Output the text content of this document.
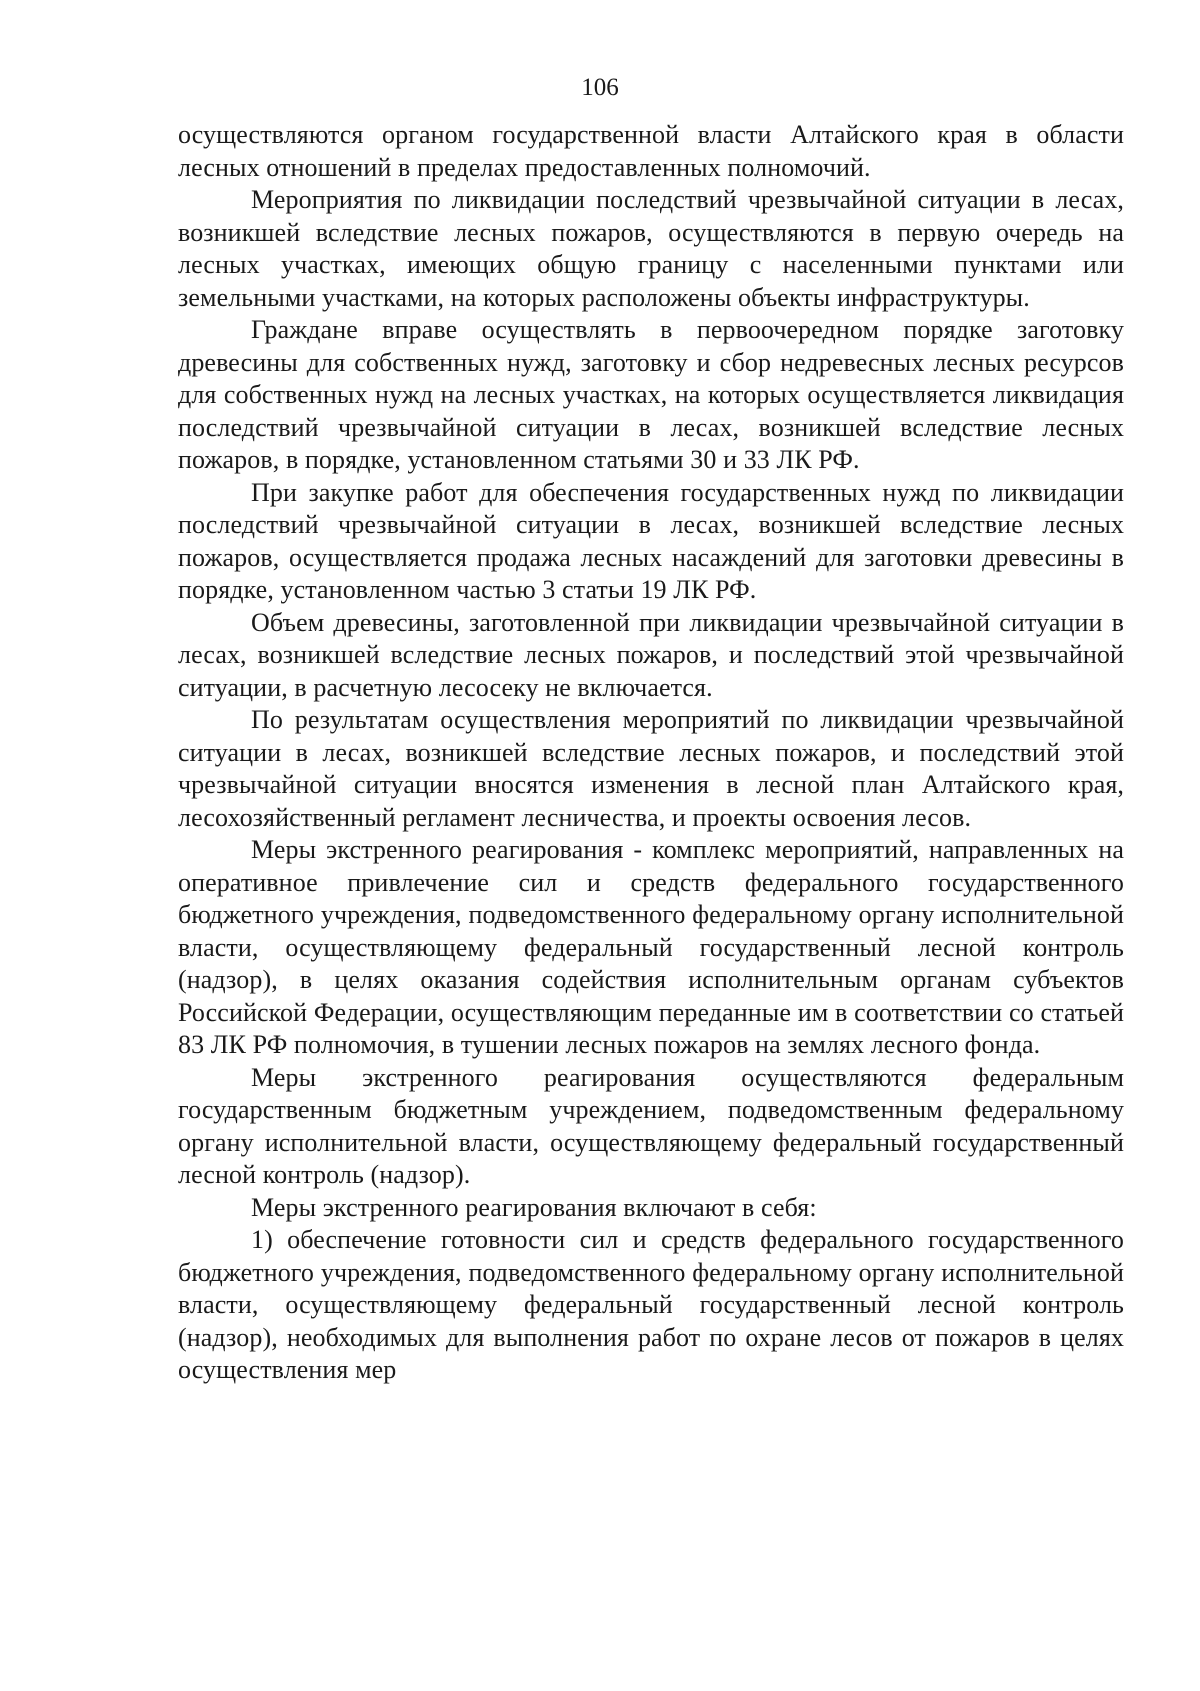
106

осуществляются органом государственной власти Алтайского края в области лесных отношений в пределах предоставленных полномочий.

Мероприятия по ликвидации последствий чрезвычайной ситуации в лесах, возникшей вследствие лесных пожаров, осуществляются в первую очередь на лесных участках, имеющих общую границу с населенными пунктами или земельными участками, на которых расположены объекты инфраструктуры.

Граждане вправе осуществлять в первоочередном порядке заготовку древесины для собственных нужд, заготовку и сбор недревесных лесных ресурсов для собственных нужд на лесных участках, на которых осуществляется ликвидация последствий чрезвычайной ситуации в лесах, возникшей вследствие лесных пожаров, в порядке, установленном статьями 30 и 33 ЛК РФ.

При закупке работ для обеспечения государственных нужд по ликвидации последствий чрезвычайной ситуации в лесах, возникшей вследствие лесных пожаров, осуществляется продажа лесных насаждений для заготовки древесины в порядке, установленном частью 3 статьи 19 ЛК РФ.

Объем древесины, заготовленной при ликвидации чрезвычайной ситуации в лесах, возникшей вследствие лесных пожаров, и последствий этой чрезвычайной ситуации, в расчетную лесосеку не включается.

По результатам осуществления мероприятий по ликвидации чрезвычайной ситуации в лесах, возникшей вследствие лесных пожаров, и последствий этой чрезвычайной ситуации вносятся изменения в лесной план Алтайского края, лесохозяйственный регламент лесничества, и проекты освоения лесов.

Меры экстренного реагирования - комплекс мероприятий, направленных на оперативное привлечение сил и средств федерального государственного бюджетного учреждения, подведомственного федеральному органу исполнительной власти, осуществляющему федеральный государственный лесной контроль (надзор), в целях оказания содействия исполнительным органам субъектов Российской Федерации, осуществляющим переданные им в соответствии со статьей 83 ЛК РФ полномочия, в тушении лесных пожаров на землях лесного фонда.

Меры экстренного реагирования осуществляются федеральным государственным бюджетным учреждением, подведомственным федеральному органу исполнительной власти, осуществляющему федеральный государственный лесной контроль (надзор).

Меры экстренного реагирования включают в себя:

1) обеспечение готовности сил и средств федерального государственного бюджетного учреждения, подведомственного федеральному органу исполнительной власти, осуществляющему федеральный государственный лесной контроль (надзор), необходимых для выполнения работ по охране лесов от пожаров в целях осуществления мер
